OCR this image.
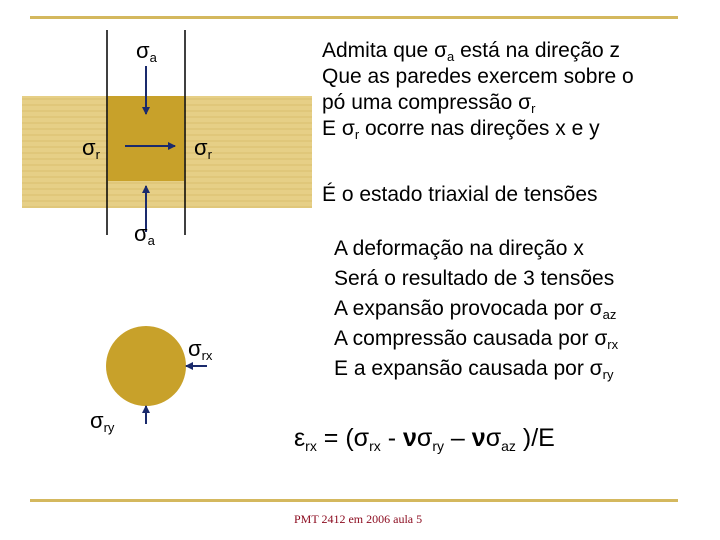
$\sigma_a$
$\sigma_r$	$\sigma_r$
$\sigma_a$
$\sigma_{rx}$
$\sigma_{ry}$
Admita que $\sigma_a$ está na direção z
Que as paredes exercem sobre o
pó uma compressão $\sigma_r$
E $\sigma_r$ ocorre nas direções x e y
É o estado triaxial de tensões
A deformação na direção x
Será o resultado de 3 tensões
A expansão provocada por $\sigma_{az}$
A compressão causada por $\sigma_{rx}$
E a expansão causada por $\sigma_{ry}$
$\varepsilon_{rx} = (\sigma_{rx} - \nu\sigma_{ry} - \nu\sigma_{az}$ )/E
PMT 2412 em 2006 aula 5
